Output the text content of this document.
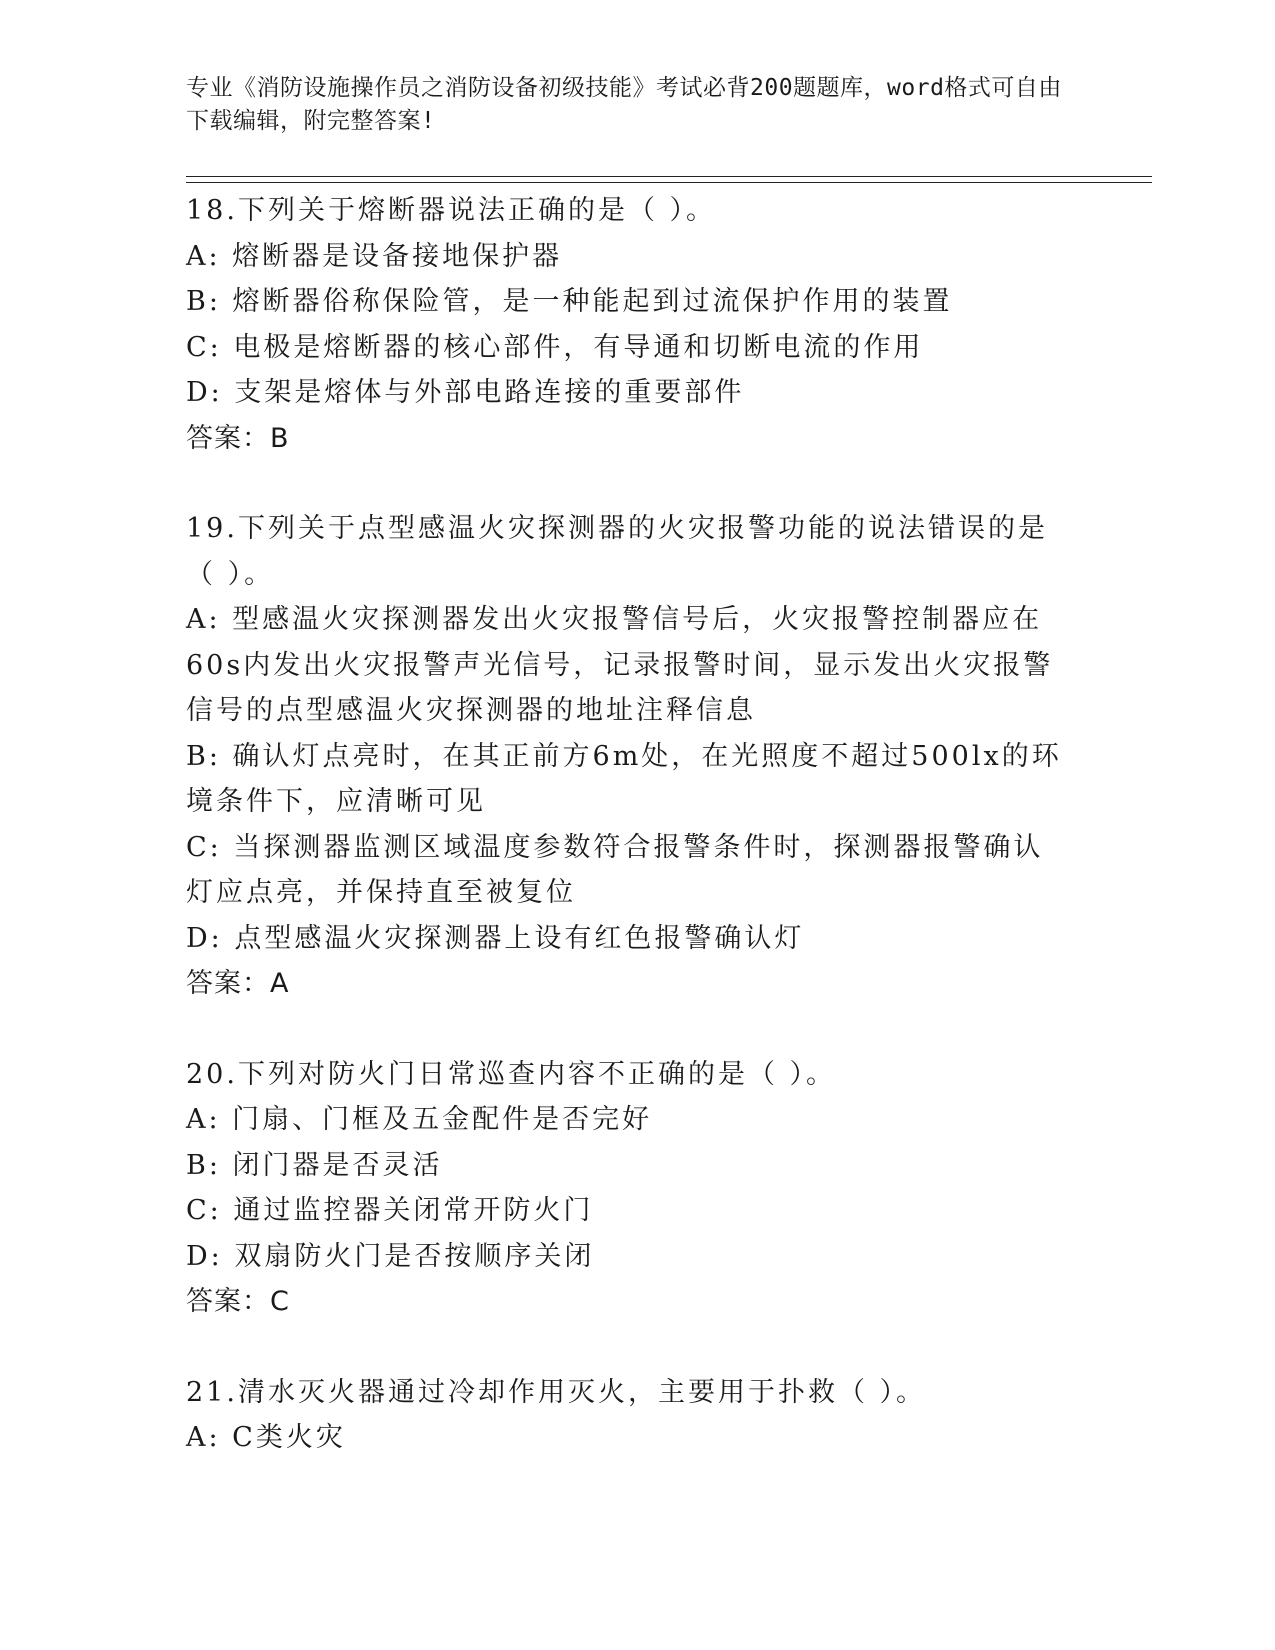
专业《消防设施操作员之消防设备初级技能》考试必背200题题库，word格式可自由下载编辑，附完整答案!
18.下列关于熔断器说法正确的是（ ）。
A: 熔断器是设备接地保护器
B: 熔断器俗称保险管，是一种能起到过流保护作用的装置
C: 电极是熔断器的核心部件，有导通和切断电流的作用
D: 支架是熔体与外部电路连接的重要部件
答案：B
19.下列关于点型感温火灾探测器的火灾报警功能的说法错误的是（ ）。
A: 型感温火灾探测器发出火灾报警信号后，火灾报警控制器应在60s内发出火灾报警声光信号，记录报警时间，显示发出火灾报警信号的点型感温火灾探测器的地址注释信息
B: 确认灯点亮时，在其正前方6m处，在光照度不超过500lx的环境条件下，应清晰可见
C: 当探测器监测区域温度参数符合报警条件时，探测器报警确认灯应点亮，并保持直至被复位
D: 点型感温火灾探测器上设有红色报警确认灯
答案：A
20.下列对防火门日常巡查内容不正确的是（ ）。
A: 门扇、门框及五金配件是否完好
B: 闭门器是否灵活
C: 通过监控器关闭常开防火门
D: 双扇防火门是否按顺序关闭
答案：C
21.清水灭火器通过冷却作用灭火，主要用于扑救（ ）。
A: C类火灾
